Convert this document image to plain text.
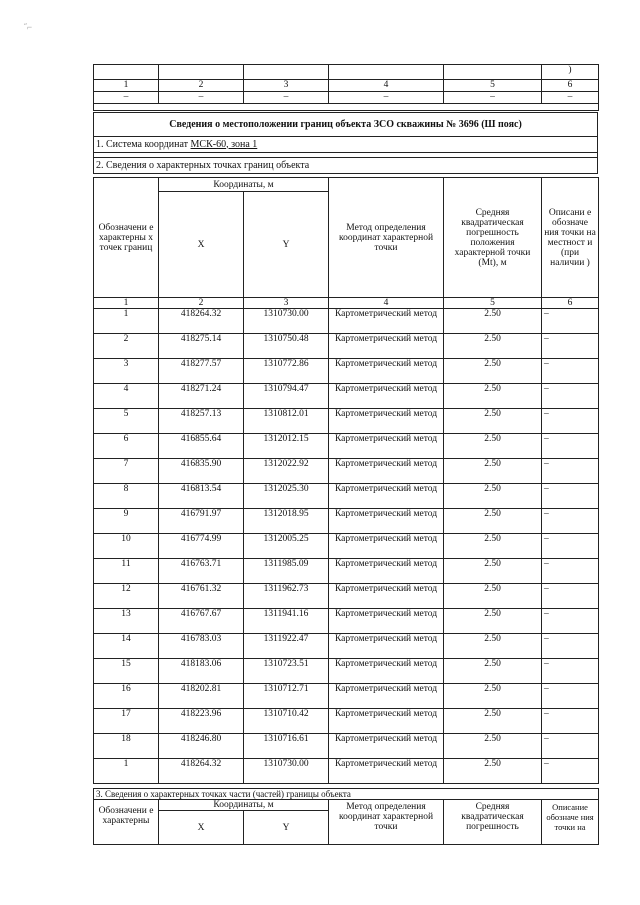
˝⌐
					)
1	2	3	4	5	6
–	–	–	–	–	–

Сведения о местоположении границ объекта ЗСО скважины № 3696 (Ш пояс)
1. Система координат МСК-60, зона 1

2. Сведения о характерных точках границ объекта
Обозначени е характерны х точек границ	Координаты, м		Метод определения координат характерной точки	Средняя квадратическая погрешность положения характерной точки (Mt), м	Описани е обозначе ния точки на местност и (при наличии )
	X	Y			
1	2	3	4	5	6
1	418264.32	1310730.00	Картометрический метод	2.50	–
2	418275.14	1310750.48	Картометрический метод	2.50	–
3	418277.57	1310772.86	Картометрический метод	2.50	–
4	418271.24	1310794.47	Картометрический метод	2.50	–
5	418257.13	1310812.01	Картометрический метод	2.50	–
6	416855.64	1312012.15	Картометрический метод	2.50	–
7	416835.90	1312022.92	Картометрический метод	2.50	–
8	416813.54	1312025.30	Картометрический метод	2.50	–
9	416791.97	1312018.95	Картометрический метод	2.50	–
10	416774.99	1312005.25	Картометрический метод	2.50	–
11	416763.71	1311985.09	Картометрический метод	2.50	–
12	416761.32	1311962.73	Картометрический метод	2.50	–
13	416767.67	1311941.16	Картометрический метод	2.50	–
14	416783.03	1311922.47	Картометрический метод	2.50	–
15	418183.06	1310723.51	Картометрический метод	2.50	–
16	418202.81	1310712.71	Картометрический метод	2.50	–
17	418223.96	1310710.42	Картометрический метод	2.50	–
18	418246.80	1310716.61	Картометрический метод	2.50	–
1	418264.32	1310730.00	Картометрический метод	2.50	–
3. Сведения о характерных точках части (частей) границы объекта					
Обозначени е характерны	Координаты, м		Метод определения координат характерной точки	Средняя квадратическая погрешность	Описание обозначе ния точки на
	X	Y			
